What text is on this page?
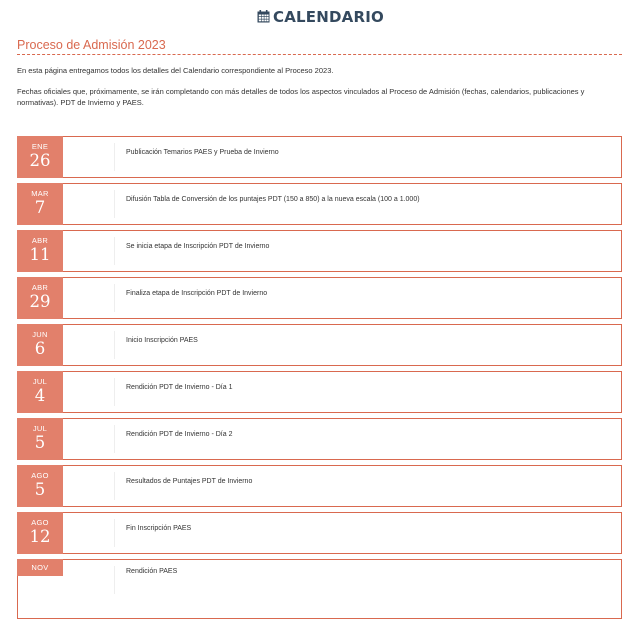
CALENDARIO
Proceso de Admisión 2023

En esta página entregamos todos los detalles del Calendario correspondiente al Proceso 2023.

Fechas oficiales que, próximamente, se irán completando con más detalles de todos los aspectos vinculados al Proceso de Admisión (fechas, calendarios, publicaciones y normativas). PDT de Invierno y PAES.

ENE
26	Publicación Temarios PAES y Prueba de Invierno
MAR
7	Difusión Tabla de Conversión de los puntajes PDT (150 a 850) a la nueva escala (100 a 1.000)
ABR
11	Se inicia etapa de Inscripción PDT de Invierno
ABR
29	Finaliza etapa de Inscripción PDT de Invierno
JUN
6	Inicio Inscripción PAES
JUL
4	Rendición PDT de Invierno - Día 1
JUL
5	Rendición PDT de Invierno - Día 2
AGO
5	Resultados de Puntajes PDT de Invierno
AGO
12	Fin Inscripción PAES
NOV	Rendición PAES
